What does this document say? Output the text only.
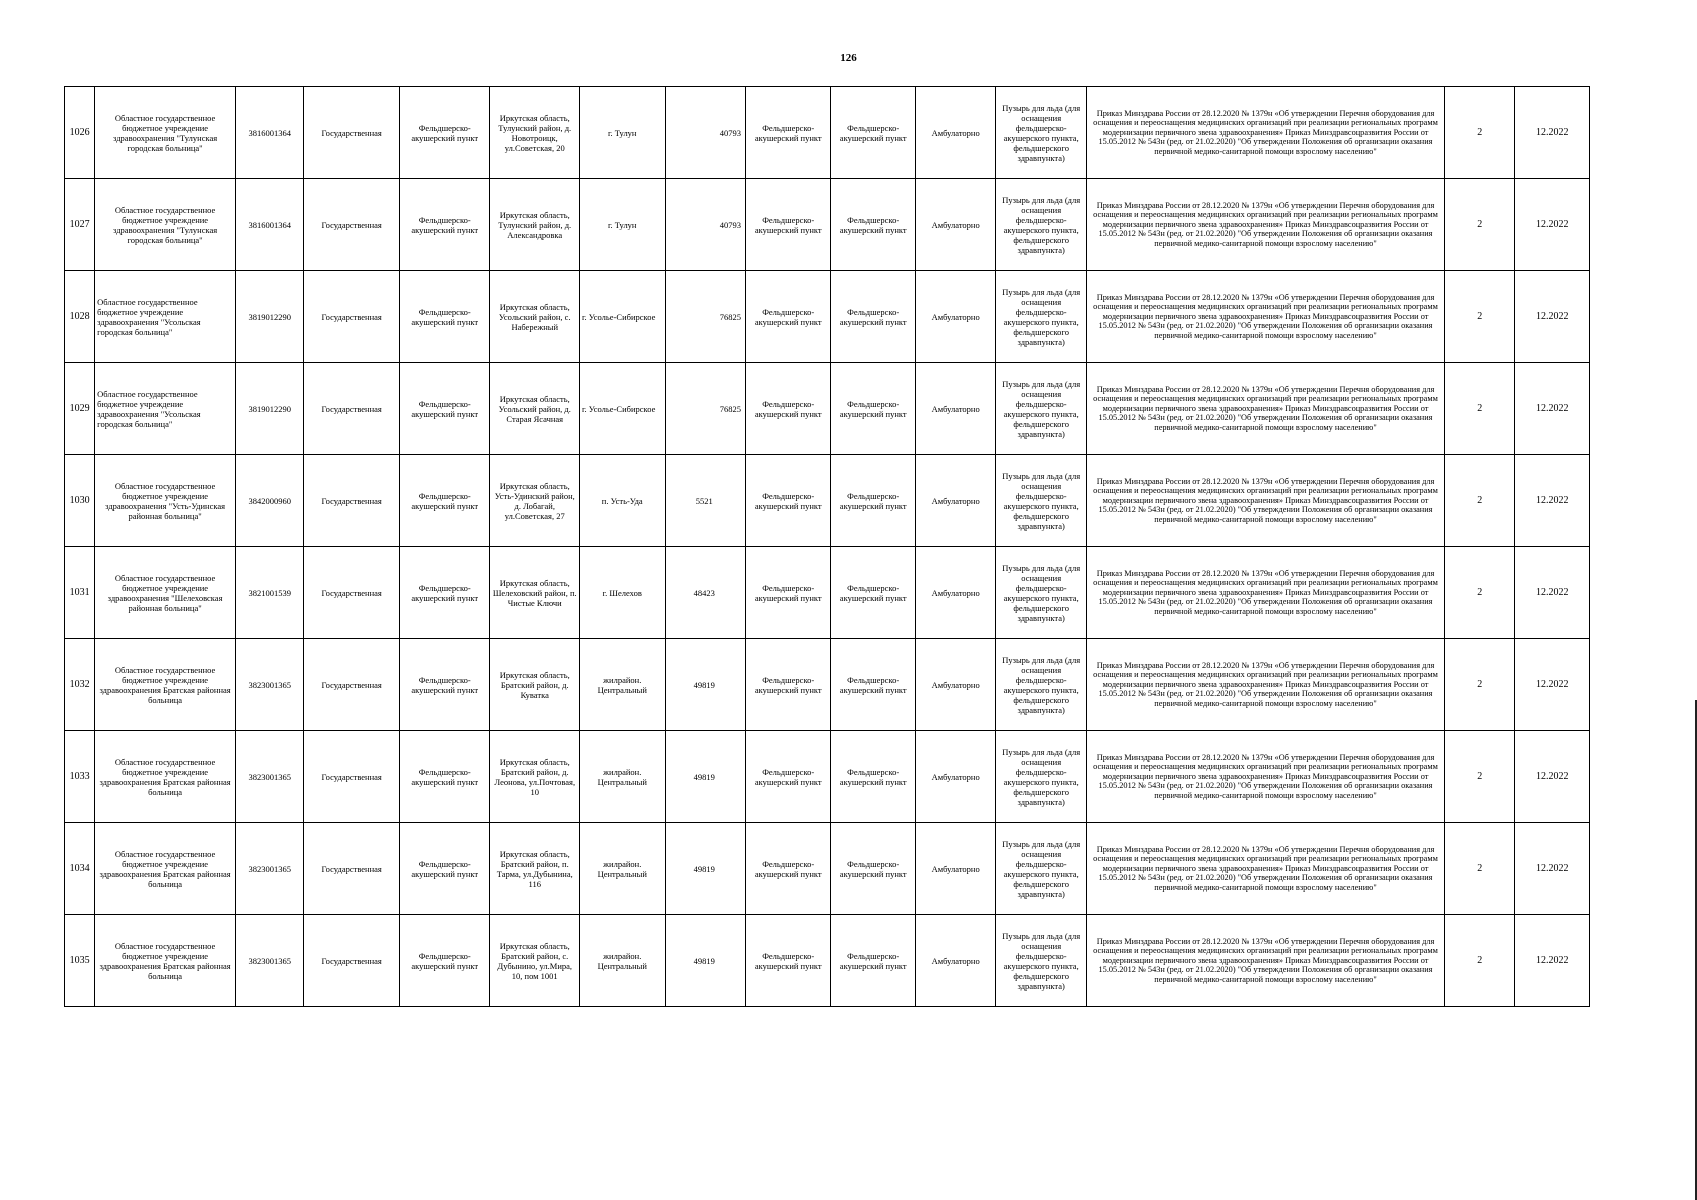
126
1026	Областное государственное бюджетное учреждение здравоохранения "Тулунская городская больница"	3816001364	Государственная	Фельдшерско-акушерский пункт	Иркутская область, Тулунский район, д. Новотроицк, ул.Советская, 20	г. Тулун	40793	Фельдшерско-акушерский пункт	Фельдшерско-акушерский пункт	Амбулаторно	Пузырь для льда (для оснащения фельдшерско-акушерского пункта, фельдшерского здравпункта)	Приказ Минздрава России от 28.12.2020 № 1379н «Об утверждении Перечня оборудования для оснащения и переоснащения медицинских организаций при реализации региональных программ модернизации первичного звена здравоохранения» Приказ Минздравсоцразвития России от 15.05.2012 № 543н (ред. от 21.02.2020) "Об утверждении Положения об организации оказания первичной медико-санитарной помощи взрослому населению"	2	12.2022
1027	Областное государственное бюджетное учреждение здравоохранения "Тулунская городская больница"	3816001364	Государственная	Фельдшерско-акушерский пункт	Иркутская область, Тулунский район, д. Александровка	г. Тулун	40793	Фельдшерско-акушерский пункт	Фельдшерско-акушерский пункт	Амбулаторно	Пузырь для льда (для оснащения фельдшерско-акушерского пункта, фельдшерского здравпункта)	Приказ Минздрава России от 28.12.2020 № 1379н «Об утверждении Перечня оборудования для оснащения и переоснащения медицинских организаций при реализации региональных программ модернизации первичного звена здравоохранения» Приказ Минздравсоцразвития России от 15.05.2012 № 543н (ред. от 21.02.2020) "Об утверждении Положения об организации оказания первичной медико-санитарной помощи взрослому населению"	2	12.2022
1028	Областное государственное бюджетное учреждение здравоохранения "Усольская городская больница"	3819012290	Государственная	Фельдшерско-акушерский пункт	Иркутская область, Усольский район, с. Набережный	г. Усолье-Сибирское	76825	Фельдшерско-акушерский пункт	Фельдшерско-акушерский пункт	Амбулаторно	Пузырь для льда (для оснащения фельдшерско-акушерского пункта, фельдшерского здравпункта)	Приказ Минздрава России от 28.12.2020 № 1379н «Об утверждении Перечня оборудования для оснащения и переоснащения медицинских организаций при реализации региональных программ модернизации первичного звена здравоохранения» Приказ Минздравсоцразвития России от 15.05.2012 № 543н (ред. от 21.02.2020) "Об утверждении Положения об организации оказания первичной медико-санитарной помощи взрослому населению"	2	12.2022
1029	Областное государственное бюджетное учреждение здравоохранения "Усольская городская больница"	3819012290	Государственная	Фельдшерско-акушерский пункт	Иркутская область, Усольский район, д. Старая Ясачная	г. Усолье-Сибирское	76825	Фельдшерско-акушерский пункт	Фельдшерско-акушерский пункт	Амбулаторно	Пузырь для льда (для оснащения фельдшерско-акушерского пункта, фельдшерского здравпункта)	Приказ Минздрава России от 28.12.2020 № 1379н «Об утверждении Перечня оборудования для оснащения и переоснащения медицинских организаций при реализации региональных программ модернизации первичного звена здравоохранения» Приказ Минздравсоцразвития России от 15.05.2012 № 543н (ред. от 21.02.2020) "Об утверждении Положения об организации оказания первичной медико-санитарной помощи взрослому населению"	2	12.2022
1030	Областное государственное бюджетное учреждение здравоохранения "Усть-Удинская районная больница"	3842000960	Государственная	Фельдшерско-акушерский пункт	Иркутская область, Усть-Удинский район, д. Лобагай, ул.Советская, 27	п. Усть-Уда	5521	Фельдшерско-акушерский пункт	Фельдшерско-акушерский пункт	Амбулаторно	Пузырь для льда (для оснащения фельдшерско-акушерского пункта, фельдшерского здравпункта)	Приказ Минздрава России от 28.12.2020 № 1379н «Об утверждении Перечня оборудования для оснащения и переоснащения медицинских организаций при реализации региональных программ модернизации первичного звена здравоохранения» Приказ Минздравсоцразвития России от 15.05.2012 № 543н (ред. от 21.02.2020) "Об утверждении Положения об организации оказания первичной медико-санитарной помощи взрослому населению"	2	12.2022
1031	Областное государственное бюджетное учреждение здравоохранения "Шелеховская районная больница"	3821001539	Государственная	Фельдшерско-акушерский пункт	Иркутская область, Шелеховский район, п. Чистые Ключи	г. Шелехов	48423	Фельдшерско-акушерский пункт	Фельдшерско-акушерский пункт	Амбулаторно	Пузырь для льда (для оснащения фельдшерско-акушерского пункта, фельдшерского здравпункта)	Приказ Минздрава России от 28.12.2020 № 1379н «Об утверждении Перечня оборудования для оснащения и переоснащения медицинских организаций при реализации региональных программ модернизации первичного звена здравоохранения» Приказ Минздравсоцразвития России от 15.05.2012 № 543н (ред. от 21.02.2020) "Об утверждении Положения об организации оказания первичной медико-санитарной помощи взрослому населению"	2	12.2022
1032	Областное государственное бюджетное учреждение здравоохранения Братская районная больница	3823001365	Государственная	Фельдшерско-акушерский пункт	Иркутская область, Братский район, д. Куватка	жилрайон. Центральный	49819	Фельдшерско-акушерский пункт	Фельдшерско-акушерский пункт	Амбулаторно	Пузырь для льда (для оснащения фельдшерско-акушерского пункта, фельдшерского здравпункта)	Приказ Минздрава России от 28.12.2020 № 1379н «Об утверждении Перечня оборудования для оснащения и переоснащения медицинских организаций при реализации региональных программ модернизации первичного звена здравоохранения» Приказ Минздравсоцразвития России от 15.05.2012 № 543н (ред. от 21.02.2020) "Об утверждении Положения об организации оказания первичной медико-санитарной помощи взрослому населению"	2	12.2022
1033	Областное государственное бюджетное учреждение здравоохранения Братская районная больница	3823001365	Государственная	Фельдшерско-акушерский пункт	Иркутская область, Братский район, д. Леонова, ул.Почтовая, 10	жилрайон. Центральный	49819	Фельдшерско-акушерский пункт	Фельдшерско-акушерский пункт	Амбулаторно	Пузырь для льда (для оснащения фельдшерско-акушерского пункта, фельдшерского здравпункта)	Приказ Минздрава России от 28.12.2020 № 1379н «Об утверждении Перечня оборудования для оснащения и переоснащения медицинских организаций при реализации региональных программ модернизации первичного звена здравоохранения» Приказ Минздравсоцразвития России от 15.05.2012 № 543н (ред. от 21.02.2020) "Об утверждении Положения об организации оказания первичной медико-санитарной помощи взрослому населению"	2	12.2022
1034	Областное государственное бюджетное учреждение здравоохранения Братская районная больница	3823001365	Государственная	Фельдшерско-акушерский пункт	Иркутская область, Братский район, п. Тарма, ул.Дубынина, 116	жилрайон. Центральный	49819	Фельдшерско-акушерский пункт	Фельдшерско-акушерский пункт	Амбулаторно	Пузырь для льда (для оснащения фельдшерско-акушерского пункта, фельдшерского здравпункта)	Приказ Минздрава России от 28.12.2020 № 1379н «Об утверждении Перечня оборудования для оснащения и переоснащения медицинских организаций при реализации региональных программ модернизации первичного звена здравоохранения» Приказ Минздравсоцразвития России от 15.05.2012 № 543н (ред. от 21.02.2020) "Об утверждении Положения об организации оказания первичной медико-санитарной помощи взрослому населению"	2	12.2022
1035	Областное государственное бюджетное учреждение здравоохранения Братская районная больница	3823001365	Государственная	Фельдшерско-акушерский пункт	Иркутская область, Братский район, с. Дубынино, ул.Мира, 10, пом 1001	жилрайон. Центральный	49819	Фельдшерско-акушерский пункт	Фельдшерско-акушерский пункт	Амбулаторно	Пузырь для льда (для оснащения фельдшерско-акушерского пункта, фельдшерского здравпункта)	Приказ Минздрава России от 28.12.2020 № 1379н «Об утверждении Перечня оборудования для оснащения и переоснащения медицинских организаций при реализации региональных программ модернизации первичного звена здравоохранения» Приказ Минздравсоцразвития России от 15.05.2012 № 543н (ред. от 21.02.2020) "Об утверждении Положения об организации оказания первичной медико-санитарной помощи взрослому населению"	2	12.2022
